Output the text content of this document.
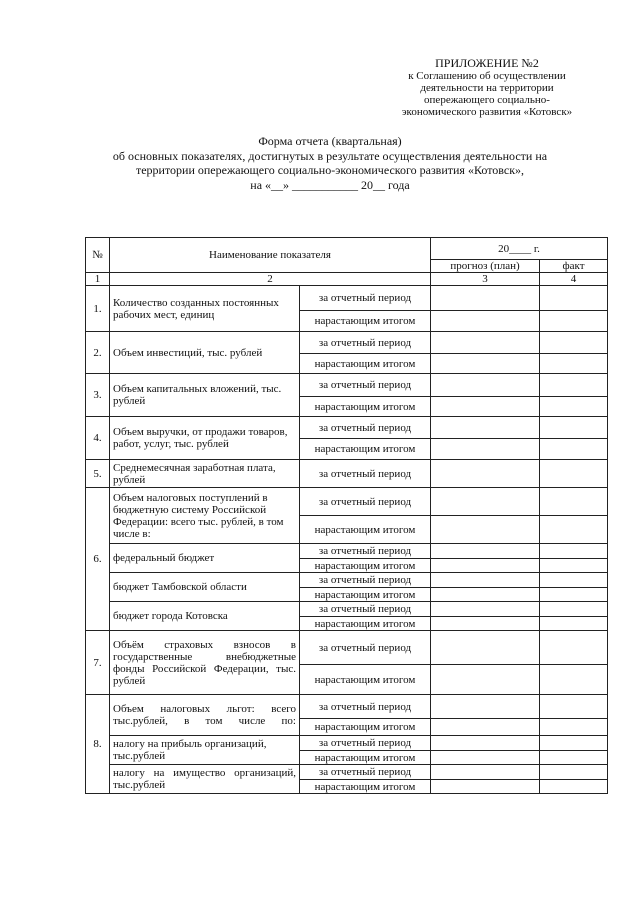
ПРИЛОЖЕНИЕ №2
к Соглашению об осуществлении
деятельности на территории
опережающего социально-
экономического развития «Котовск»
Форма отчета (квартальная)
об основных показателях, достигнутых в результате осуществления деятельности на
территории опережающего социально-экономического развития «Котовск»,
на «__» ___________ 20__ года
№	Наименование показателя		20____ г.	
			прогноз (план)	факт
1	2		3	4
1.	Количество созданных постоянных рабочих мест, единиц	за отчетный период		
		нарастающим итогом		
2.	Объем инвестиций, тыс. рублей	за отчетный период		
		нарастающим итогом		
3.	Объем капитальных вложений, тыс. рублей	за отчетный период		
		нарастающим итогом		
4.	Объем выручки, от продажи товаров, работ, услуг, тыс. рублей	за отчетный период		
		нарастающим итогом		
5.	Среднемесячная заработная плата, рублей	за отчетный период		
6.	Объем налоговых поступлений в бюджетную систему Российской Федерации: всего тыс. рублей, в том числе в:	за отчетный период		
		нарастающим итогом		
	федеральный бюджет	за отчетный период		
		нарастающим итогом		
	бюджет Тамбовской области	за отчетный период		
		нарастающим итогом		
	бюджет города Котовска	за отчетный период		
		нарастающим итогом		
7.	Объём страховых взносов в государственные внебюджетные фонды Российской Федерации, тыс. рублей	за отчетный период		
		нарастающим итогом		
8.	Объем налоговых льгот: всего тыс.рублей, в том числе по:	за отчетный период		
		нарастающим итогом		
	налогу на прибыль организаций, тыс.рублей	за отчетный период		
		нарастающим итогом		
	налогу на имущество организаций, тыс.рублей	за отчетный период		
		нарастающим итогом		
